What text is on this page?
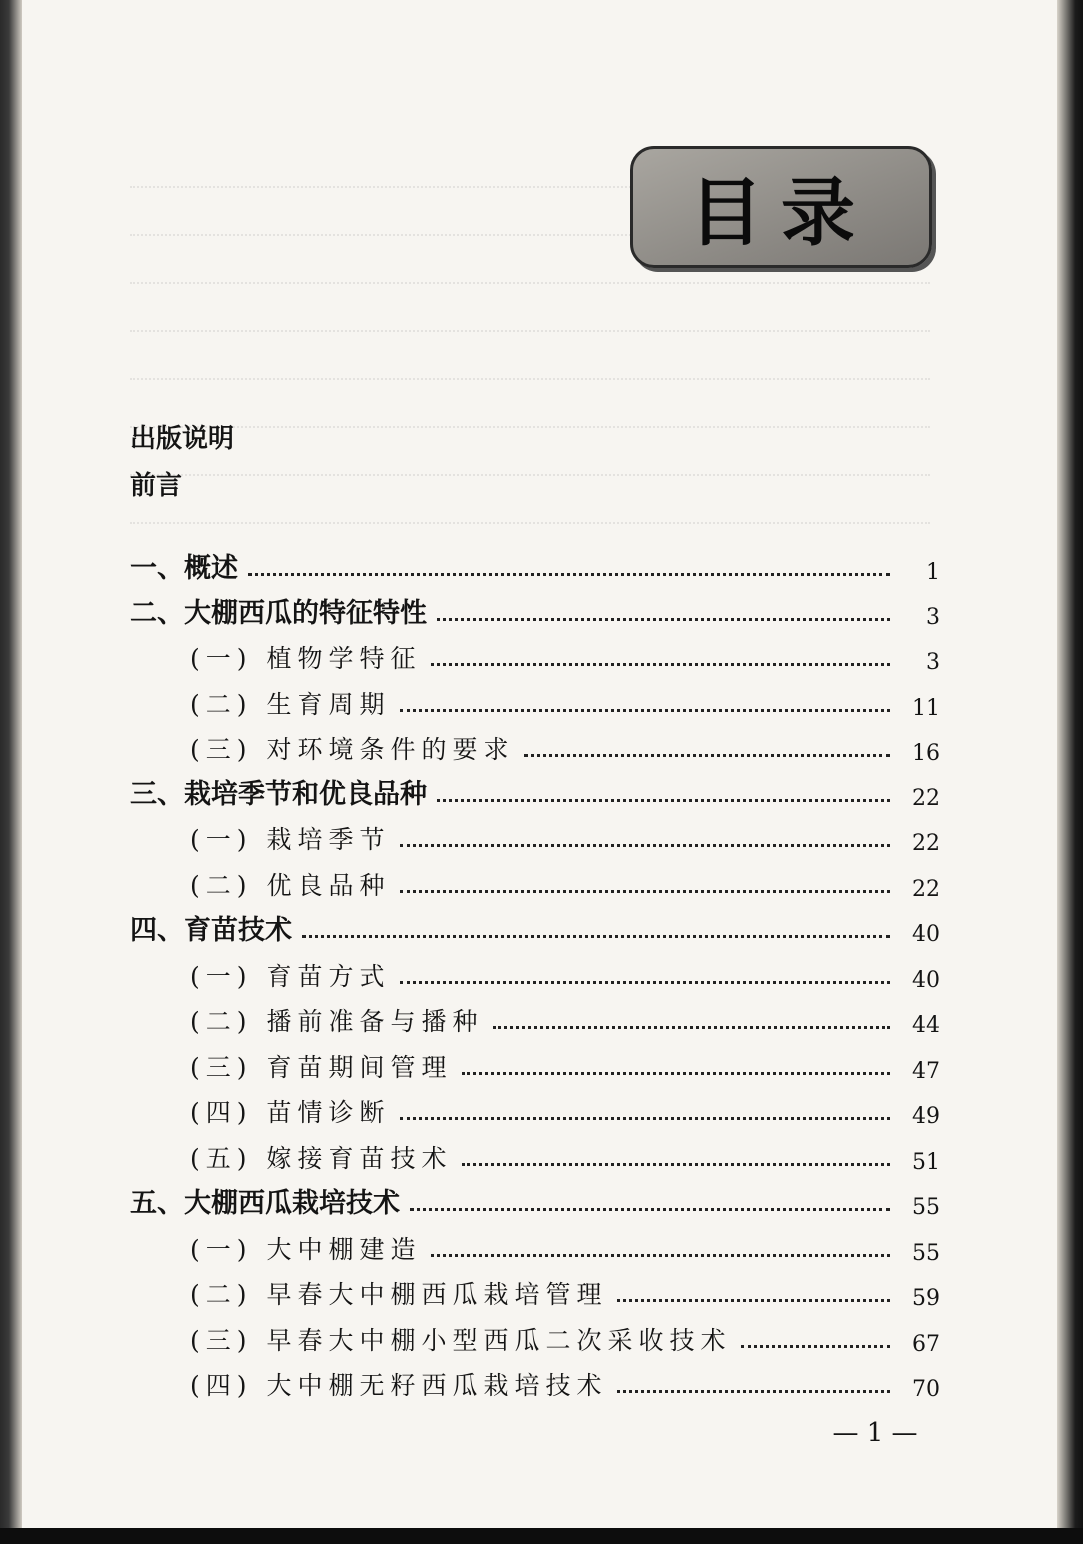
目录
出版说明
前言
一、概述	1
二、大棚西瓜的特征特性	3
(一) 植物学特征	3
(二) 生育周期	11
(三) 对环境条件的要求	16
三、栽培季节和优良品种	22
(一) 栽培季节	22
(二) 优良品种	22
四、育苗技术	40
(一) 育苗方式	40
(二) 播前准备与播种	44
(三) 育苗期间管理	47
(四) 苗情诊断	49
(五) 嫁接育苗技术	51
五、大棚西瓜栽培技术	55
(一) 大中棚建造	55
(二) 早春大中棚西瓜栽培管理	59
(三) 早春大中棚小型西瓜二次采收技术	67
(四) 大中棚无籽西瓜栽培技术	70
— 1 —
